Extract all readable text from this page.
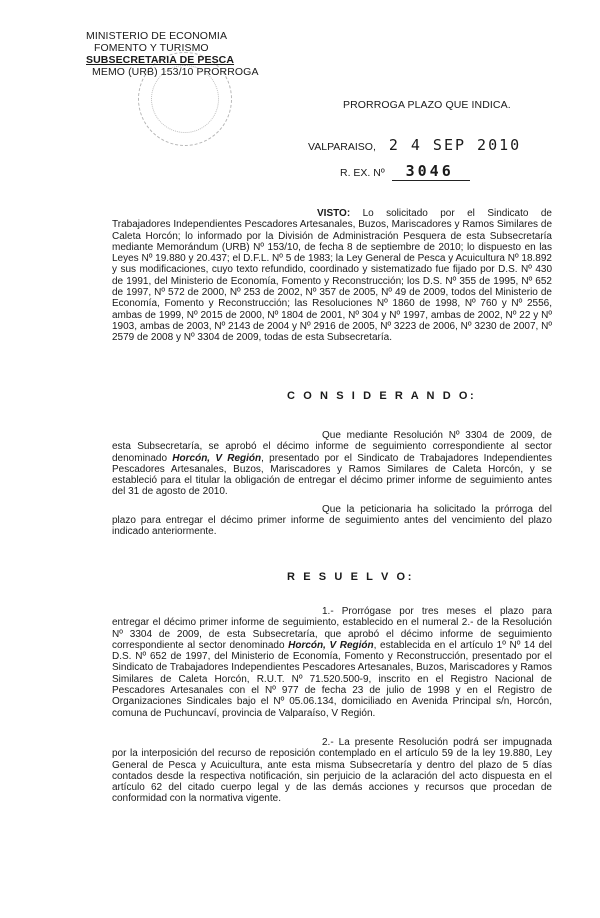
MINISTERIO DE ECONOMIA
FOMENTO Y TURISMO
SUBSECRETARIA DE PESCA
MEMO (URB) 153/10 PRORROGA
PRORROGA PLAZO QUE INDICA.
VALPARAISO, 2 4 SEP 2010
R. EX. Nº 3046

VISTO: Lo solicitado por el Sindicato de Trabajadores Independientes Pescadores Artesanales, Buzos, Mariscadores y Ramos Similares de Caleta Horcón; lo informado por la División de Administración Pesquera de esta Subsecretaría mediante Memorándum (URB) Nº 153/10, de fecha 8 de septiembre de 2010; lo dispuesto en las Leyes Nº 19.880 y 20.437; el D.F.L. Nº 5 de 1983; la Ley General de Pesca y Acuicultura Nº 18.892 y sus modificaciones, cuyo texto refundido, coordinado y sistematizado fue fijado por D.S. Nº 430 de 1991, del Ministerio de Economía, Fomento y Reconstrucción; los D.S. Nº 355 de 1995, Nº 652 de 1997, Nº 572 de 2000, Nº 253 de 2002, Nº 357 de 2005, Nº 49 de 2009, todos del Ministerio de Economía, Fomento y Reconstrucción; las Resoluciones Nº 1860 de 1998, Nº 760 y Nº 2556, ambas de 1999, Nº 2015 de 2000, Nº 1804 de 2001, Nº 304 y Nº 1997, ambas de 2002, Nº 22 y Nº 1903, ambas de 2003, Nº 2143 de 2004 y Nº 2916 de 2005, Nº 3223 de 2006, Nº 3230 de 2007, Nº 2579 de 2008 y Nº 3304 de 2009, todas de esta Subsecretaría.

C O N S I D E R A N D O:

Que mediante Resolución Nº 3304 de 2009, de esta Subsecretaría, se aprobó el décimo informe de seguimiento correspondiente al sector denominado Horcón, V Región, presentado por el Sindicato de Trabajadores Independientes Pescadores Artesanales, Buzos, Mariscadores y Ramos Similares de Caleta Horcón, y se estableció para el titular la obligación de entregar el décimo primer informe de seguimiento antes del 31 de agosto de 2010.

Que la peticionaria ha solicitado la prórroga del plazo para entregar el décimo primer informe de seguimiento antes del vencimiento del plazo indicado anteriormente.

R E S U E L V O:

1.- Prorrógase por tres meses el plazo para entregar el décimo primer informe de seguimiento, establecido en el numeral 2.- de la Resolución Nº 3304 de 2009, de esta Subsecretaría, que aprobó el décimo informe de seguimiento correspondiente al sector denominado Horcón, V Región, establecida en el artículo 1º Nº 14 del D.S. Nº 652 de 1997, del Ministerio de Economía, Fomento y Reconstrucción, presentado por el Sindicato de Trabajadores Independientes Pescadores Artesanales, Buzos, Mariscadores y Ramos Similares de Caleta Horcón, R.U.T. Nº 71.520.500-9, inscrito en el Registro Nacional de Pescadores Artesanales con el Nº 977 de fecha 23 de julio de 1998 y en el Registro de Organizaciones Sindicales bajo el Nº 05.06.134, domiciliado en Avenida Principal s/n, Horcón, comuna de Puchuncaví, provincia de Valparaíso, V Región.

2.- La presente Resolución podrá ser impugnada por la interposición del recurso de reposición contemplado en el artículo 59 de la ley 19.880, Ley General de Pesca y Acuicultura, ante esta misma Subsecretaría y dentro del plazo de 5 días contados desde la respectiva notificación, sin perjuicio de la aclaración del acto dispuesta en el artículo 62 del citado cuerpo legal y de las demás acciones y recursos que procedan de conformidad con la normativa vigente.
